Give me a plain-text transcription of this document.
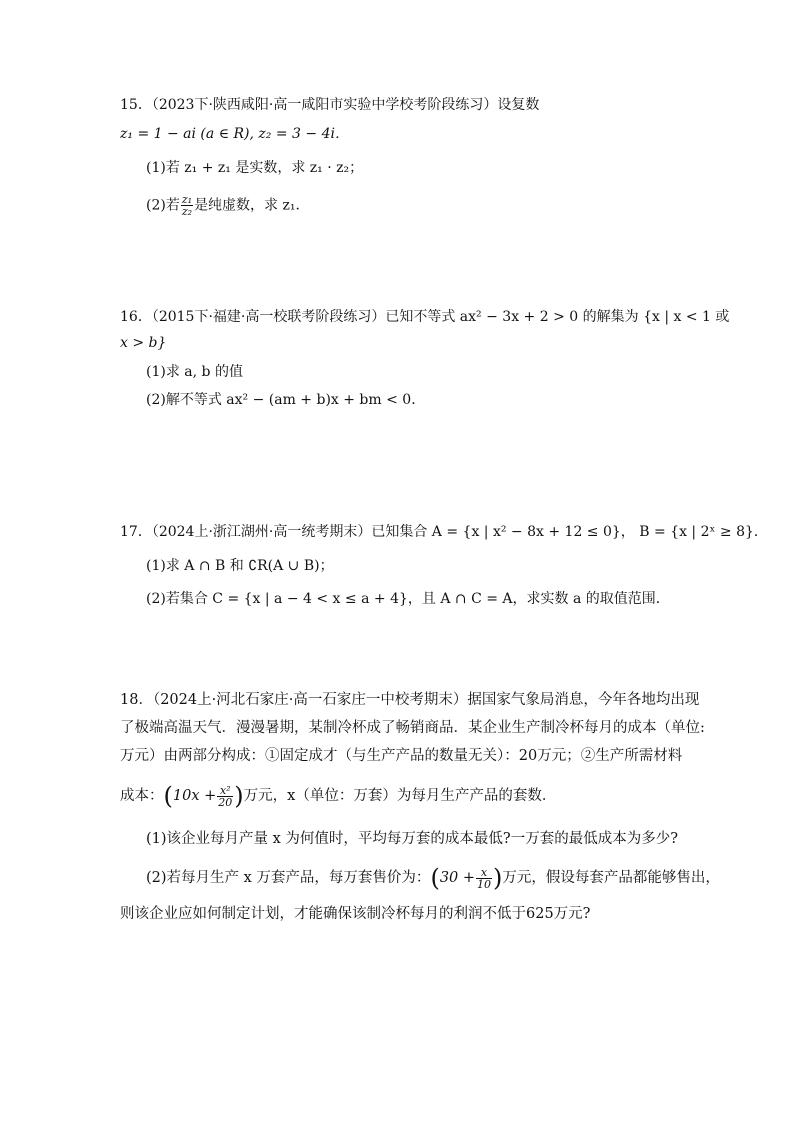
15．（2023下·陕西咸阳·高一咸阳市实验中学校考阶段练习）设复数
z₁ = 1 − ai (a ∈ R), z₂ = 3 − 4i．
(1)若 z₁ + z₁ 是实数，求 z₁ · z₂；
(2)若 $\frac{\text{z₁}}{\text{z₂}}$ 是纯虚数，求 z₁．
16．（2015下·福建·高一校联考阶段练习）已知不等式 ax² − 3x + 2 > 0 的解集为 {x | x < 1 或
x > b}
(1)求 a, b 的值
(2)解不等式 ax² − (am + b)x + bm < 0．
17．（2024上·浙江湖州·高一统考期末）已知集合 A = {x | x² − 8x + 12 ≤ 0}， B = {x | 2ˣ ≥ 8}．
(1)求 A ∩ B 和 ∁R(A ∪ B)；
(2)若集合 C = {x | a − 4 < x ≤ a + 4}，且 A ∩ C = A，求实数 a 的取值范围．
18．（2024上·河北石家庄·高一石家庄一中校考期末）据国家气象局消息，今年各地均出现
了极端高温天气．漫漫暑期，某制冷杯成了畅销商品．某企业生产制冷杯每月的成本（单位:
万元）由两部分构成：①固定成才（与生产产品的数量无关）：20万元；②生产所需材料
成本：($10x + \frac{\text{x²}}{20}$ )万元，x（单位：万套）为每月生产产品的套数．
(1)该企业每月产量 x 为何值时，平均每万套的成本最低?一万套的最低成本为多少?
(2)若每月生产 x 万套产品，每万套售价为：($30 + \frac{x}{10}$ )万元，假设每套产品都能够售出，
则该企业应如何制定计划，才能确保该制冷杯每月的利润不低于625万元?
